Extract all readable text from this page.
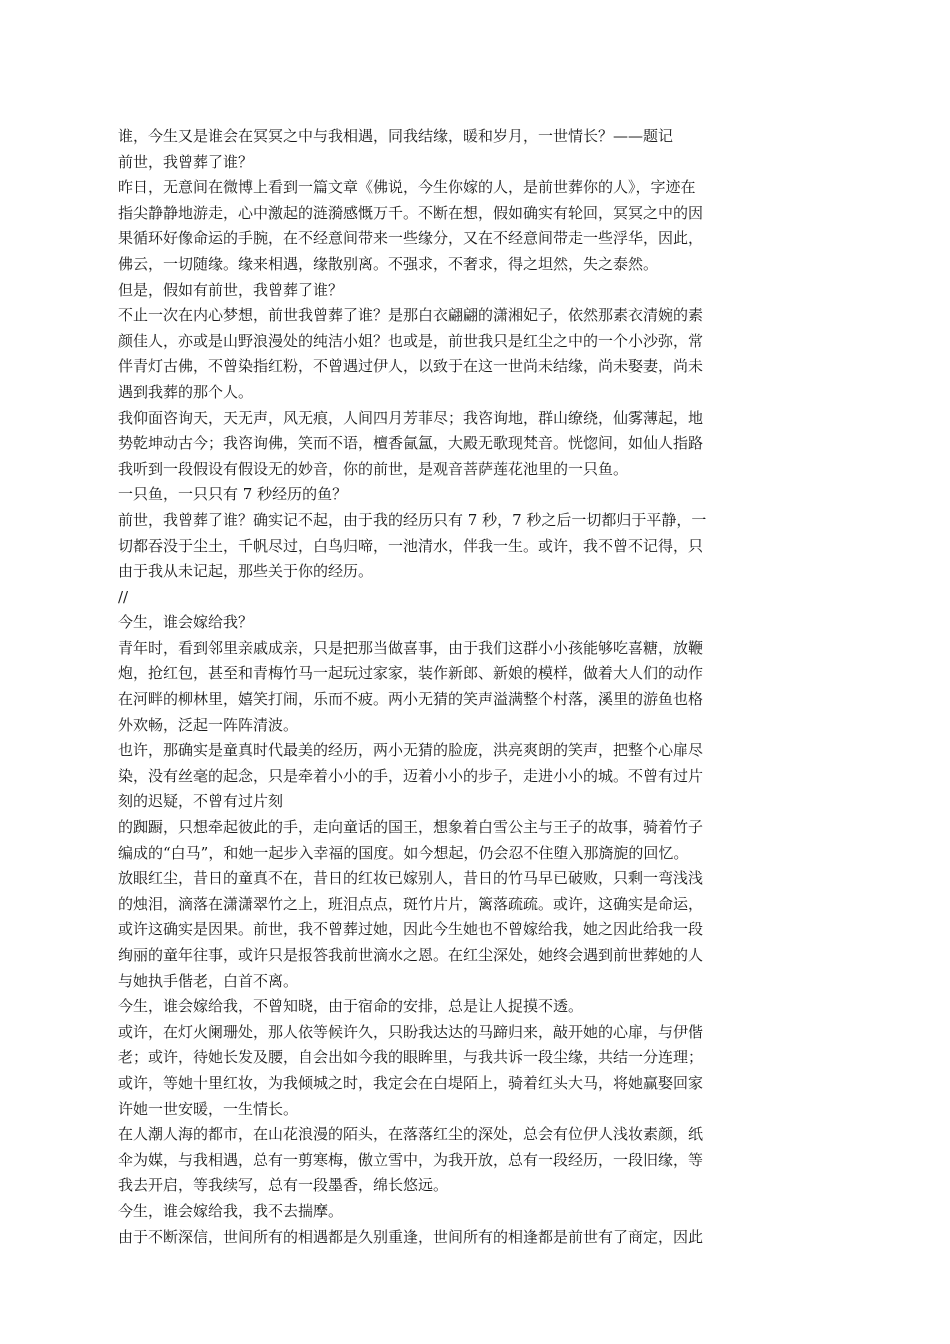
谁，今生又是谁会在冥冥之中与我相遇，同我结缘，暖和岁月，一世情长？——题记
前世，我曾葬了谁？
昨日，无意间在微博上看到一篇文章《佛说，今生你嫁的人，是前世葬你的人》，字迹在
指尖静静地游走，心中激起的涟漪感慨万千。不断在想，假如确实有轮回，冥冥之中的因
果循环好像命运的手腕，在不经意间带来一些缘分，又在不经意间带走一些浮华，因此，
佛云，一切随缘。缘来相遇，缘散别离。不强求，不奢求，得之坦然，失之泰然。
但是，假如有前世，我曾葬了谁？
不止一次在内心梦想，前世我曾葬了谁？是那白衣翩翩的潇湘妃子，依然那素衣清婉的素
颜佳人，亦或是山野浪漫处的纯洁小姐？也或是，前世我只是红尘之中的一个小沙弥，常
伴青灯古佛，不曾染指红粉，不曾遇过伊人，以致于在这一世尚未结缘，尚未娶妻，尚未
遇到我葬的那个人。
我仰面咨询天，天无声，风无痕，人间四月芳菲尽；我咨询地，群山缭绕，仙雾薄起，地
势乾坤动古今；我咨询佛，笑而不语，檀香氤氲，大殿无歌现梵音。恍惚间，如仙人指路
我听到一段假设有假设无的妙音，你的前世，是观音菩萨莲花池里的一只鱼。
一只鱼，一只只有 7 秒经历的鱼？
前世，我曾葬了谁？确实记不起，由于我的经历只有 7 秒，7 秒之后一切都归于平静，一
切都吞没于尘土，千帆尽过，白鸟归啼，一池清水，伴我一生。或许，我不曾不记得，只
由于我从未记起，那些关于你的经历。
//
今生，谁会嫁给我？
青年时，看到邻里亲戚成亲，只是把那当做喜事，由于我们这群小小孩能够吃喜糖，放鞭
炮，抢红包，甚至和青梅竹马一起玩过家家，装作新郎、新娘的模样，做着大人们的动作
在河畔的柳林里，嬉笑打闹，乐而不疲。两小无猜的笑声溢满整个村落，溪里的游鱼也格
外欢畅，泛起一阵阵清波。
也许，那确实是童真时代最美的经历，两小无猜的脸庞，洪亮爽朗的笑声，把整个心扉尽
染，没有丝毫的起念，只是牵着小小的手，迈着小小的步子，走进小小的城。不曾有过片
刻的迟疑，不曾有过片刻
的踟蹰，只想牵起彼此的手，走向童话的国王，想象着白雪公主与王子的故事，骑着竹子
编成的“白马”，和她一起步入幸福的国度。如今想起，仍会忍不住堕入那旖旎的回忆。
放眼红尘，昔日的童真不在，昔日的红妆已嫁别人，昔日的竹马早已破败，只剩一弯浅浅
的烛泪，滴落在潇潇翠竹之上，班泪点点，斑竹片片，篱落疏疏。或许，这确实是命运，
或许这确实是因果。前世，我不曾葬过她，因此今生她也不曾嫁给我，她之因此给我一段
绚丽的童年往事，或许只是报答我前世滴水之恩。在红尘深处，她终会遇到前世葬她的人
与她执手偕老，白首不离。
今生，谁会嫁给我，不曾知晓，由于宿命的安排，总是让人捉摸不透。
或许，在灯火阑珊处，那人依等候许久，只盼我达达的马蹄归来，敲开她的心扉，与伊偕
老；或许，待她长发及腰，自会出如今我的眼眸里，与我共诉一段尘缘，共结一分连理；
或许，等她十里红妆，为我倾城之时，我定会在白堤陌上，骑着红头大马，将她赢娶回家
许她一世安暖，一生情长。
在人潮人海的都市，在山花浪漫的陌头，在落落红尘的深处，总会有位伊人浅妆素颜，纸
伞为媒，与我相遇，总有一剪寒梅，傲立雪中，为我开放，总有一段经历，一段旧缘，等
我去开启，等我续写，总有一段墨香，绵长悠远。
今生，谁会嫁给我，我不去揣摩。
由于不断深信，世间所有的相遇都是久别重逢，世间所有的相逢都是前世有了商定，因此
